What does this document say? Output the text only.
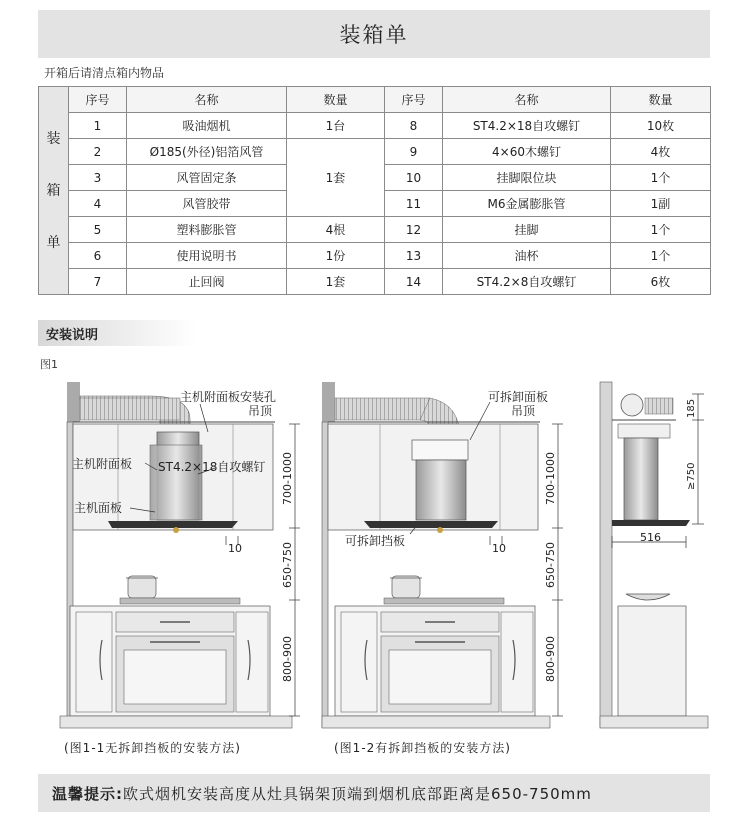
装箱单
开箱后请清点箱内物品
装

箱

单	序号	名称	数量	序号	名称	数量
	1	吸油烟机	1台	8	ST4.2×18自攻螺钉	10枚
	2	Ø185(外径)铝箔风管	1套	9	4×60木螺钉	4枚
	3	风管固定条		10	挂脚限位块	1个
	4	风管胶带		11	M6金属膨胀管	1副
	5	塑料膨胀管	4根	12	挂脚	1个
	6	使用说明书	1份	13	油杯	1个
	7	止回阀	1套	14	ST4.2×8自攻螺钉	6枚
安装说明
图1
主机附面板安装孔
吊顶
主机附面板 ST4.2×18自攻螺钉
主机面板
700-1000
650-750
800-900
10
可拆卸面板
吊顶
可拆卸挡板
700-1000
650-750
800-900
10
185
≥750
516
(图1-1无拆卸挡板的安装方法)	(图1-2有拆卸挡板的安装方法)
温馨提示: 欧式烟机安装高度从灶具锅架顶端到烟机底部距离是650-750mm
